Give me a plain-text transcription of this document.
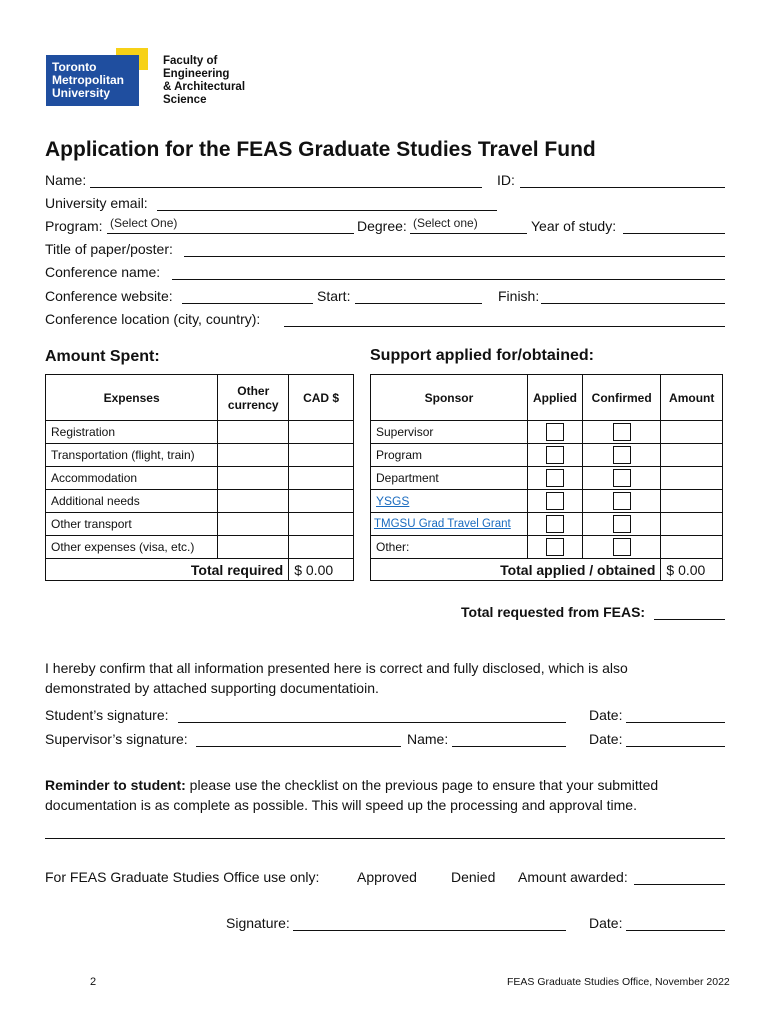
Toronto
Metropolitan
University
Faculty of
Engineering
& Architectural
Science
Application for the FEAS Graduate Studies Travel Fund
Name:	ID:
University email:
Program: (Select One)	Degree: (Select one)	Year of study:
Title of paper/poster:
Conference name:
Conference website:	Start:	Finish:
Conference location (city, country):
Amount Spent:	Support applied for/obtained:
Expenses	Other currency	CAD $
Registration		
Transportation (flight, train)		
Accommodation		
Additional needs		
Other transport		
Other expenses (visa, etc.)		
Total required		$ 0.00
Sponsor	Applied	Confirmed	Amount
Supervisor	

Program	

Department	

YSGS	

TMGSU Grad Travel Grant	

Other:	

Total applied / obtained			$ 0.00
Total requested from FEAS:
I hereby confirm that all information presented here is correct and fully disclosed, which is also
demonstrated by attached supporting documentatioin.
Student’s signature:	Date:
Supervisor’s signature:	Name:	Date:
Reminder to student: please use the checklist on the previous page to ensure that your submitted
documentation is as complete as possible. This will speed up the processing and approval time.
For FEAS Graduate Studies Office use only:	Approved Denied Amount awarded:
Signature:	Date:
2	FEAS Graduate Studies Office, November 2022
